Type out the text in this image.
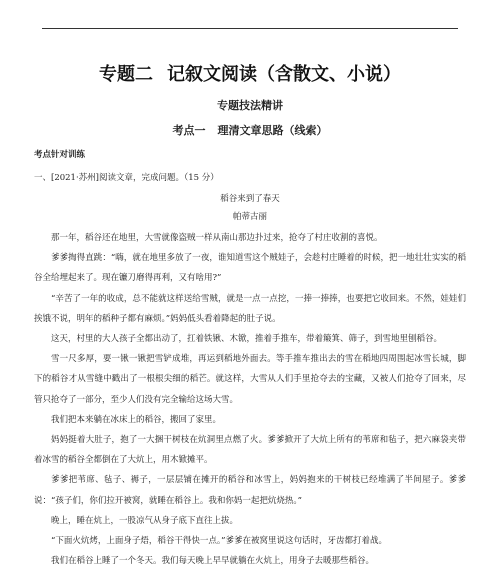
专题二 记叙文阅读（含散文、小说）
专题技法精讲
考点一 理清文章思路（线索）
考点针对训练
一、[2021·苏州]阅读文章，完成问题。（15 分）
稻谷来到了春天
帕蒂古丽

那一年，稻谷还在地里，大雪就像盗贼一样从南山那边扑过来，抢夺了村庄收割的喜悦。

爹爹掏得直跳：“嗨，就在地里多放了一夜，谁知道雪这个贼娃子，会趁村庄睡着的时候，把一地壮壮实实的稻谷全给埋起来了。现在镰刀磨得再利，又有啥用?”

“辛苦了一年的收成，总不能就这样送给雪贼，就是一点一点挖，一捧一捧捧，也要把它收回来。不然，娃娃们挨饿不说，明年的稻种子都有麻烦。”妈妈低头看着降起的肚子说。

这天，村里的大人孩子全都出动了，扛着铁锹、木锨，推着手推车，带着簸箕、筛子，到雪地里刨稻谷。

雪一尺多厚，要一锹一锹把雪铲成堆，再运到稻地外面去。等手推车推出去的雪在稻地四周围起冰雪长城，脚下的稻谷才从雪缝中戳出了一根根尖细的稻芒。就这样，大雪从人们手里抢夺去的宝藏，又被人们抢夺了回来，尽管只抢夺了一部分，至少人们没有完全输给这场大雪。

我们把本来躺在冰床上的稻谷，搬回了家里。

妈妈挺着大肚子，抱了一大捆干树枝在炕洞里点燃了火。爹爹掀开了大炕上所有的苇席和毡子，把六麻袋夹带着冰雪的稻谷全都倒在了大炕上，用木锨摊平。

爹爹把苇席、毡子、褥子，一层层铺在摊开的稻谷和冰雪上，妈妈抱来的干树枝已经堆满了半间屋子。爹爹说：“孩子们，你们拉开被窝，就睡在稻谷上。我和你妈一起把炕烧热。”

晚上，睡在炕上，一股凉气从身子底下直往上拔。

“下面火炕烤，上面身子焐，稻谷干得快一点。”爹爹在被窝里说这句话时，牙齿都打着战。

我们在稻谷上睡了一个冬天。我们每天晚上早早就躺在火炕上，用身子去暖那些稻谷。
